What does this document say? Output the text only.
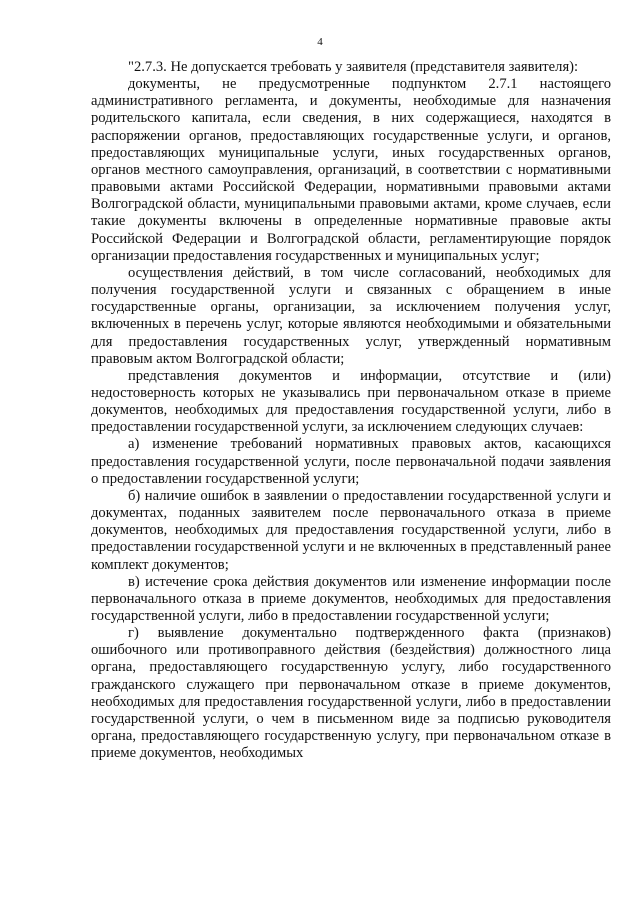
4

"2.7.3. Не допускается требовать у заявителя (представителя заявителя):

документы, не предусмотренные подпунктом 2.7.1 настоящего административного регламента, и документы, необходимые для назначения родительского капитала, если сведения, в них содержащиеся, находятся в распоряжении органов, предоставляющих государственные услуги, и органов, предоставляющих муниципальные услуги, иных государственных органов, органов местного самоуправления, организаций, в соответствии с нормативными правовыми актами Российской Федерации, нормативными правовыми актами Волгоградской области, муниципальными правовыми актами, кроме случаев, если такие документы включены в определенные нормативные правовые акты Российской Федерации и Волгоградской области, регламентирующие порядок организации предоставления государственных и муниципальных услуг;

осуществления действий, в том числе согласований, необходимых для получения государственной услуги и связанных с обращением в иные государственные органы, организации, за исключением получения услуг, включенных в перечень услуг, которые являются необходимыми и обязательными для предоставления государственных услуг, утвержденный нормативным правовым актом Волгоградской области;

представления документов и информации, отсутствие и (или) недостоверность которых не указывались при первоначальном отказе в приеме документов, необходимых для предоставления государственной услуги, либо в предоставлении государственной услуги, за исключением следующих случаев:

а) изменение требований нормативных правовых актов, касающихся предоставления государственной услуги, после первоначальной подачи заявления о предоставлении государственной услуги;

б) наличие ошибок в заявлении о предоставлении государственной услуги и документах, поданных заявителем после первоначального отказа в приеме документов, необходимых для предоставления государственной услуги, либо в предоставлении государственной услуги и не включенных в представленный ранее комплект документов;

в) истечение срока действия документов или изменение информации после первоначального отказа в приеме документов, необходимых для предоставления государственной услуги, либо в предоставлении государственной услуги;

г) выявление документально подтвержденного факта (признаков) ошибочного или противоправного действия (бездействия) должностного лица органа, предоставляющего государственную услугу, либо государственного гражданского служащего при первоначальном отказе в приеме документов, необходимых для предоставления государственной услуги, либо в предоставлении государственной услуги, о чем в письменном виде за подписью руководителя органа, предоставляющего государственную услугу, при первоначальном отказе в приеме документов, необходимых
